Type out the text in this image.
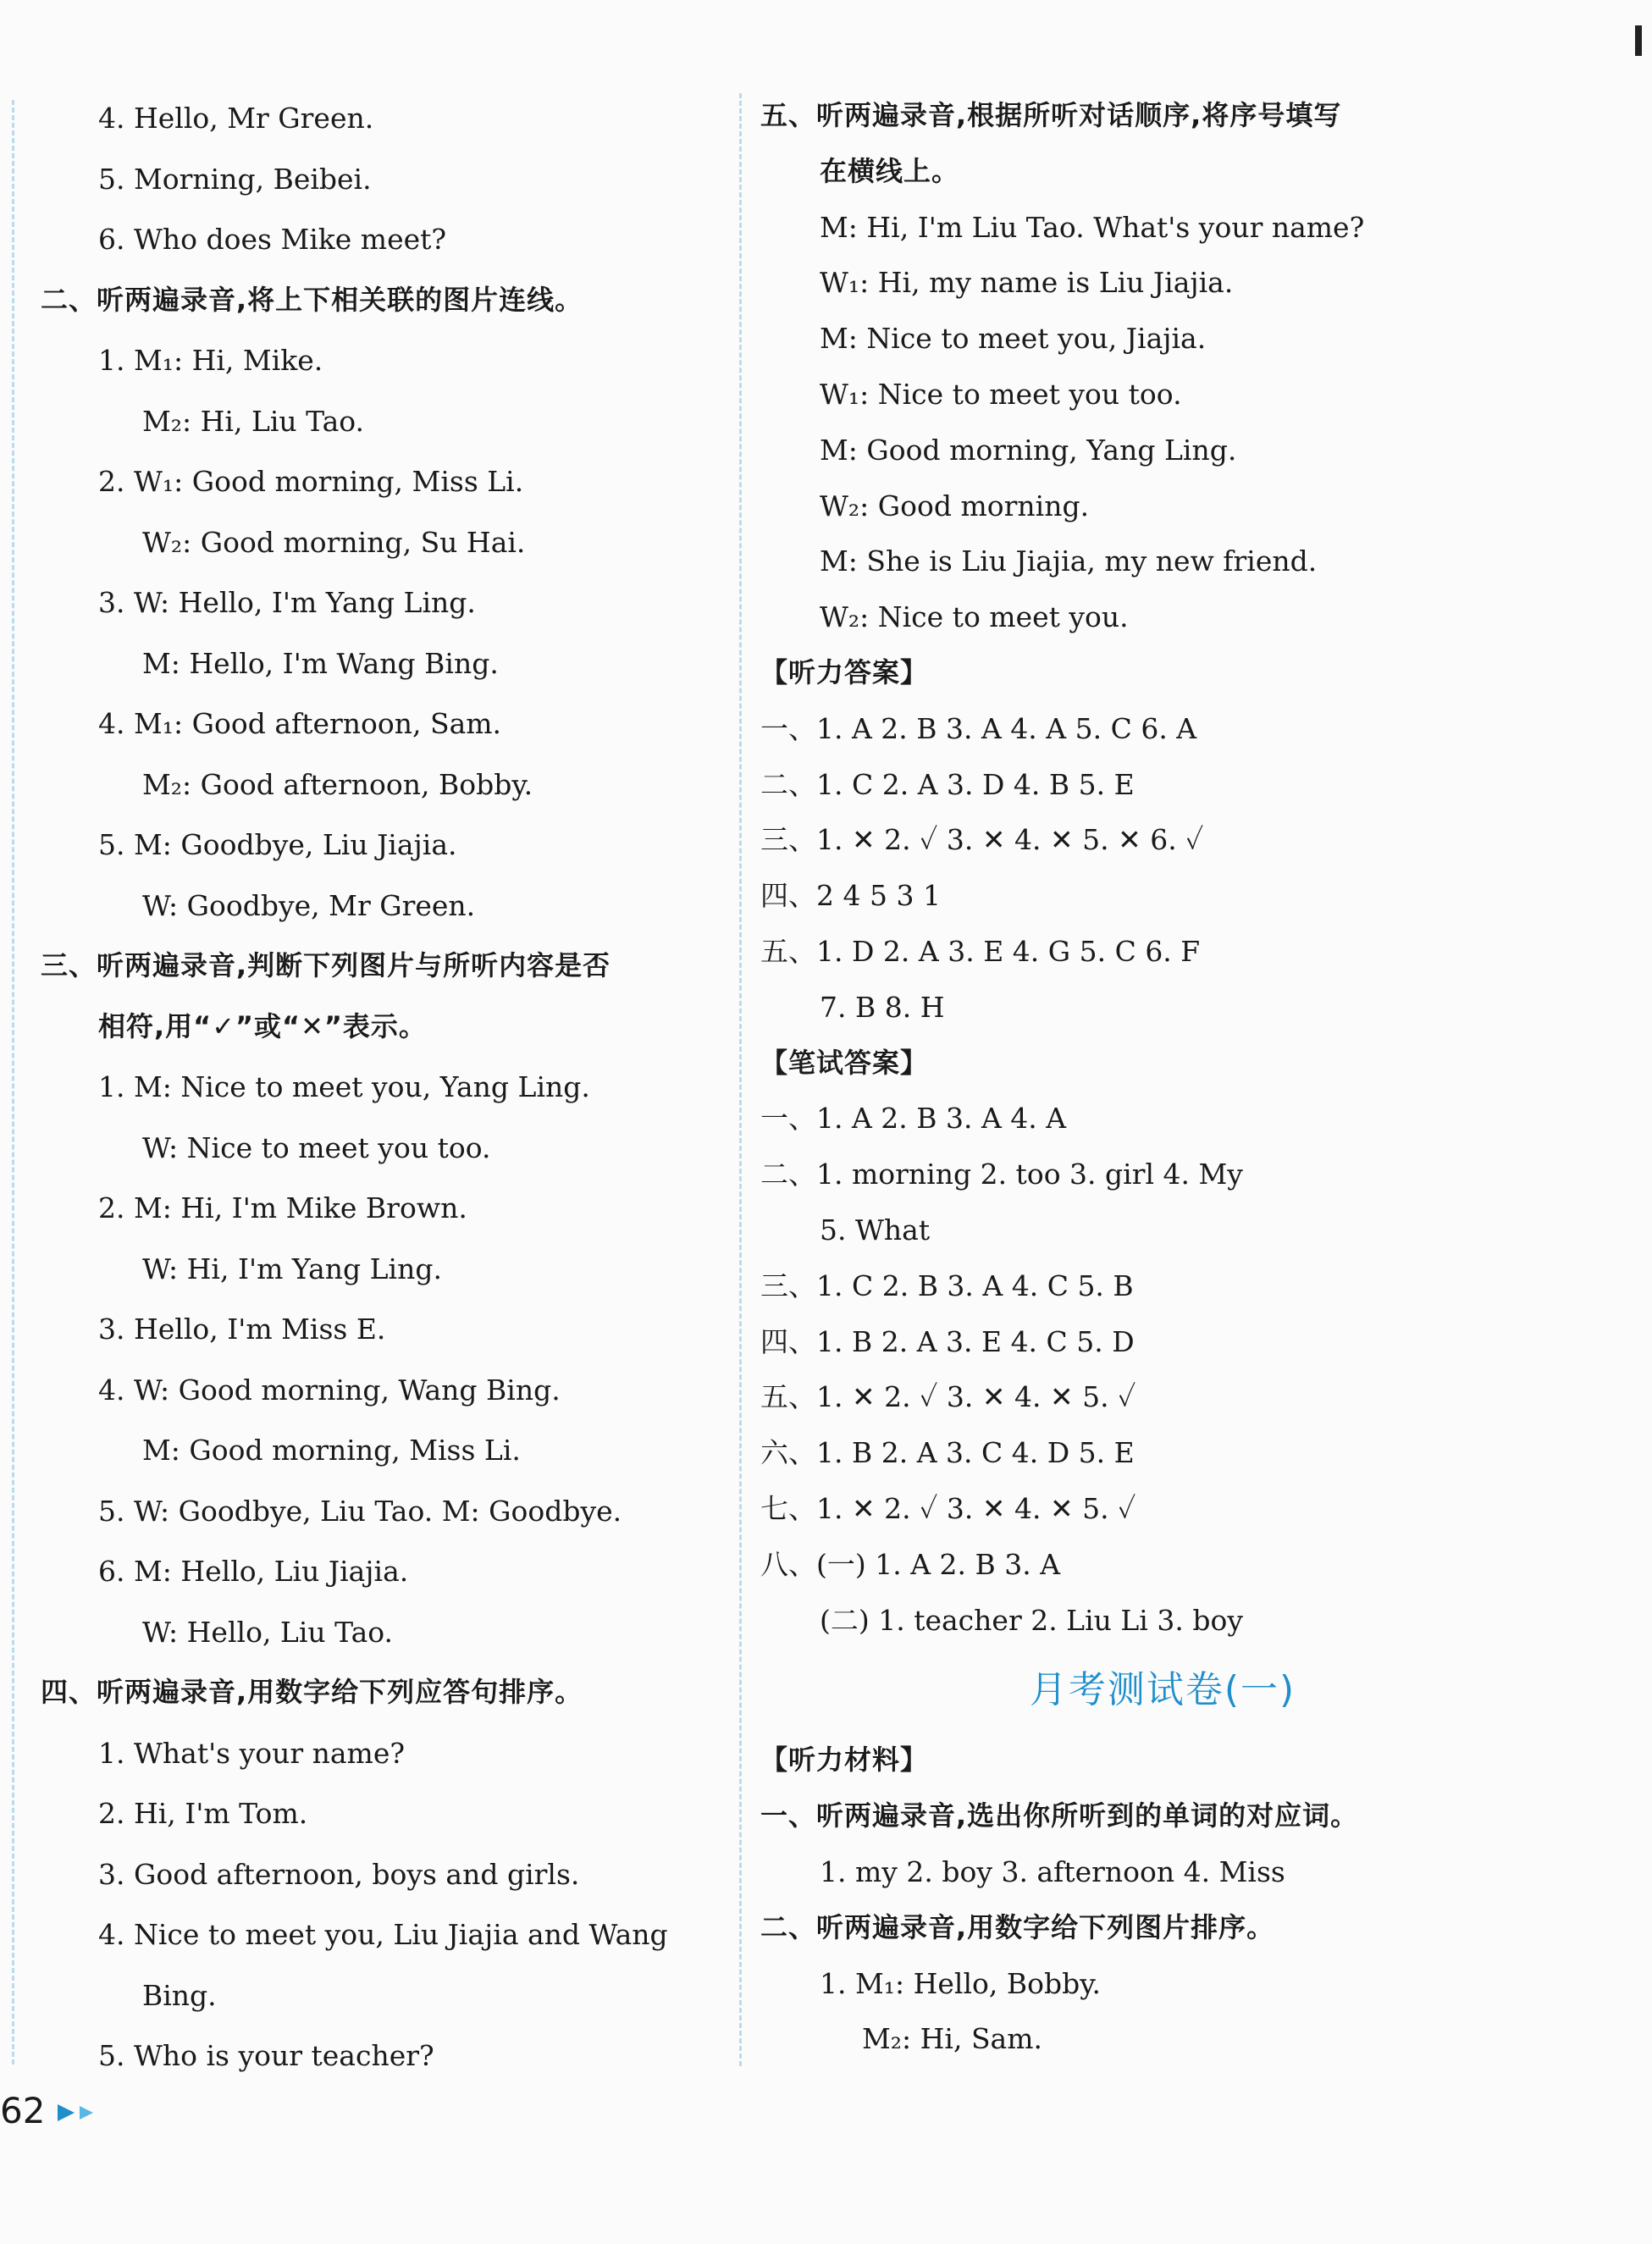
4. Hello, Mr Green.
5. Morning, Beibei.
6. Who does Mike meet?
二、听两遍录音,将上下相关联的图片连线。
1. M₁: Hi, Mike.
M₂: Hi, Liu Tao.
2. W₁: Good morning, Miss Li.
W₂: Good morning, Su Hai.
3. W: Hello, I'm Yang Ling.
M: Hello, I'm Wang Bing.
4. M₁: Good afternoon, Sam.
M₂: Good afternoon, Bobby.
5. M: Goodbye, Liu Jiajia.
W: Goodbye, Mr Green.
三、听两遍录音,判断下列图片与所听内容是否
相符,用“✓”或“✕”表示。
1. M: Nice to meet you, Yang Ling.
W: Nice to meet you too.
2. M: Hi, I'm Mike Brown.
W: Hi, I'm Yang Ling.
3. Hello, I'm Miss E.
4. W: Good morning, Wang Bing.
M: Good morning, Miss Li.
5. W: Goodbye, Liu Tao. M: Goodbye.
6. M: Hello, Liu Jiajia.
W: Hello, Liu Tao.
四、听两遍录音,用数字给下列应答句排序。
1. What's your name?
2. Hi, I'm Tom.
3. Good afternoon, boys and girls.
4. Nice to meet you, Liu Jiajia and Wang
Bing.
5. Who is your teacher?
五、听两遍录音,根据所听对话顺序,将序号填写
在横线上。
M: Hi, I'm Liu Tao. What's your name?
W₁: Hi, my name is Liu Jiajia.
M: Nice to meet you, Jiajia.
W₁: Nice to meet you too.
M: Good morning, Yang Ling.
W₂: Good morning.
M: She is Liu Jiajia, my new friend.
W₂: Nice to meet you.
【听力答案】
一、1. A 2. B 3. A 4. A 5. C 6. A
二、1. C 2. A 3. D 4. B 5. E
三、1. ✕ 2. ✓ 3. ✕ 4. ✕ 5. ✕ 6. ✓
四、2 4 5 3 1
五、1. D 2. A 3. E 4. G 5. C 6. F
7. B 8. H
【笔试答案】
一、1. A 2. B 3. A 4. A
二、1. morning 2. too 3. girl 4. My
5. What
三、1. C 2. B 3. A 4. C 5. B
四、1. B 2. A 3. E 4. C 5. D
五、1. ✕ 2. ✓ 3. ✕ 4. ✕ 5. ✓
六、1. B 2. A 3. C 4. D 5. E
七、1. ✕ 2. ✓ 3. ✕ 4. ✕ 5. ✓
八、(一) 1. A 2. B 3. A
(二) 1. teacher 2. Liu Li 3. boy
月考测试卷(一)
【听力材料】
一、听两遍录音,选出你所听到的单词的对应词。
1. my 2. boy 3. afternoon 4. Miss
二、听两遍录音,用数字给下列图片排序。
1. M₁: Hello, Bobby.
M₂: Hi, Sam.
62
